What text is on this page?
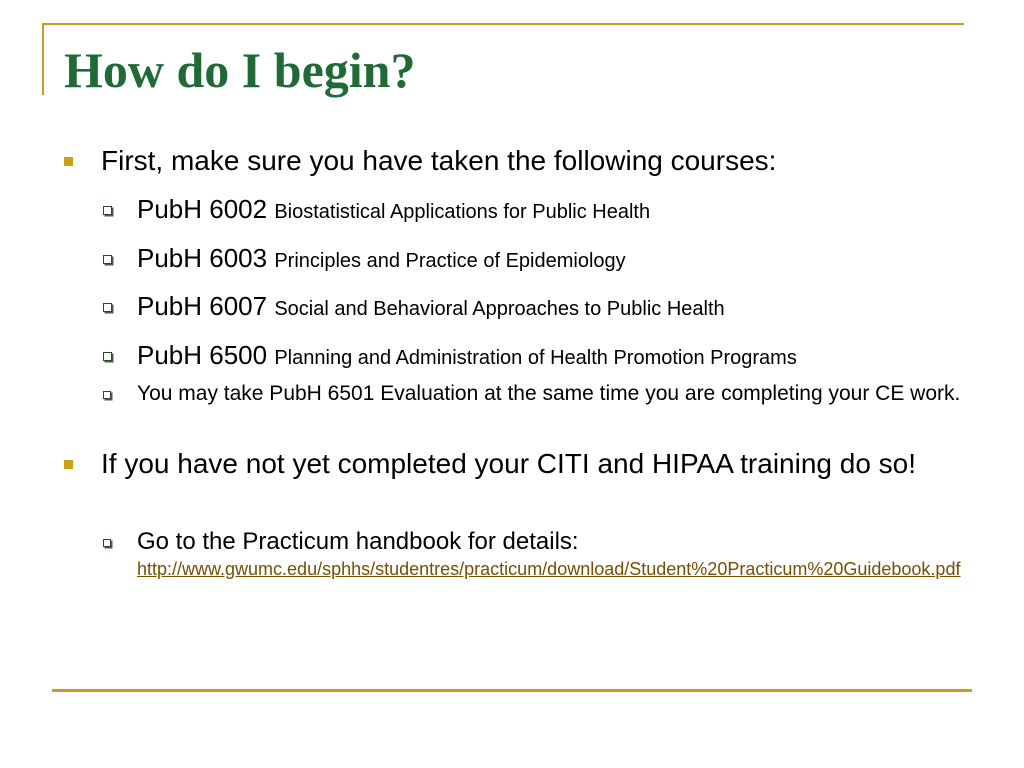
How do I begin?
First, make sure you have taken the following courses:
PubH 6002 Biostatistical Applications for Public Health
PubH 6003 Principles and Practice of Epidemiology
PubH 6007 Social and Behavioral Approaches to Public Health
PubH 6500 Planning and Administration of Health Promotion Programs
You may take PubH 6501 Evaluation at the same time you are completing your CE work.
If you have not yet completed your CITI and HIPAA training do so!
Go to the Practicum handbook for details:
http://www.gwumc.edu/sphhs/studentres/practicum/download/Student%20Practicum%20Guidebook.pdf
